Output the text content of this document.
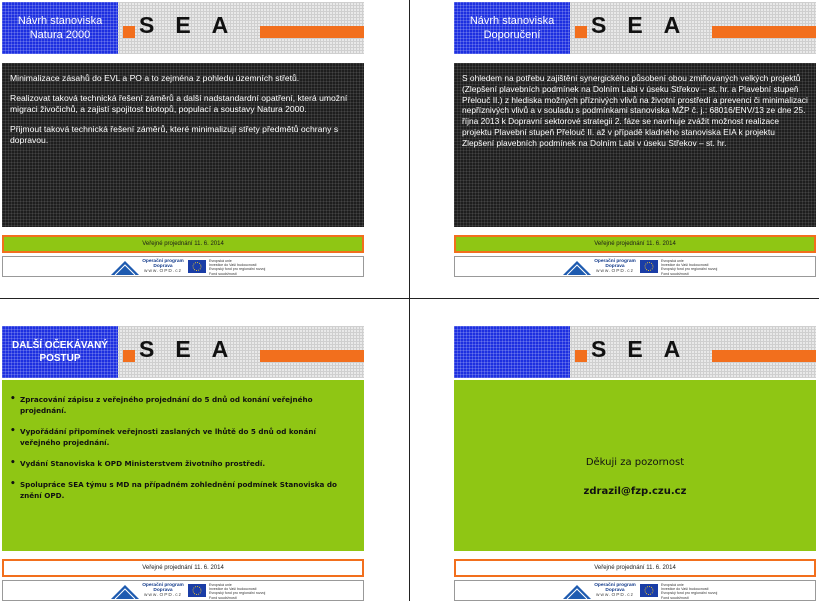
Návrh stanoviska
Natura 2000 SEA

Minimalizace zásahů do EVL a PO a to zejména z pohledu územních střetů.

Realizovat taková technická řešení záměrů a další nadstandardní opatření, která umožní migraci živočichů, a zajistí spojitost biotopů, populací a soustavy Natura 2000.

Přijmout taková technická řešení záměrů, které minimalizují střety předmětů ochrany s dopravou.

Veřejné projednání 11. 6. 2014
Operační program
Doprava
www.OPD.cz
Evropská unie
Investice do Vaší budoucnosti
Evropský fond pro regionální rozvoj
Fond soudržnosti
Návrh stanoviska
Doporučení SEA

S ohledem na potřebu zajištění synergického působení obou zmiňovaných velkých projektů (Zlepšení plavebních podmínek na Dolním Labi v úseku Střekov – st. hr. a Plavební stupeň Přelouč II.) z hlediska možných příznivých vlivů na životní prostředí a prevenci či minimalizaci nepříznivých vlivů a v souladu s podmínkami stanoviska MŽP č. j.: 68016/ENV/13 ze dne 25. října 2013 k Dopravní sektorové strategii 2. fáze se navrhuje zvážit možnost realizace projektu Plavební stupeň Přelouč II. až v případě kladného stanoviska EIA k projektu Zlepšení plavebních podmínek na Dolním Labi v úseku Střekov – st. hr.

Veřejné projednání 11. 6. 2014
Operační program
Doprava
www.OPD.cz
Evropská unie
Investice do Vaší budoucnosti
Evropský fond pro regionální rozvoj
Fond soudržnosti
DALŠÍ OČEKÁVANÝ
POSTUP	SEA
• Zpracování zápisu z veřejného projednání do 5 dnů od konání veřejného projednání.
• Vypořádání připomínek veřejnosti zaslaných ve lhůtě do 5 dnů od konání veřejného projednání.
• Vydání Stanoviska k OPD Ministerstvem životního prostředí.
• Spolupráce SEA týmu s MD na případném zohlednění podmínek Stanoviska do znění OPD.
Veřejné projednání 11. 6. 2014
Operační program
Doprava
www.OPD.cz
Evropská unie
Investice do Vaší budoucnosti
Evropský fond pro regionální rozvoj
Fond soudržnosti
SEA
Děkuji za pozornost
zdrazil@fzp.czu.cz
Veřejné projednání 11. 6. 2014
Operační program
Doprava
www.OPD.cz
Evropská unie
Investice do Vaší budoucnosti
Evropský fond pro regionální rozvoj
Fond soudržnosti
